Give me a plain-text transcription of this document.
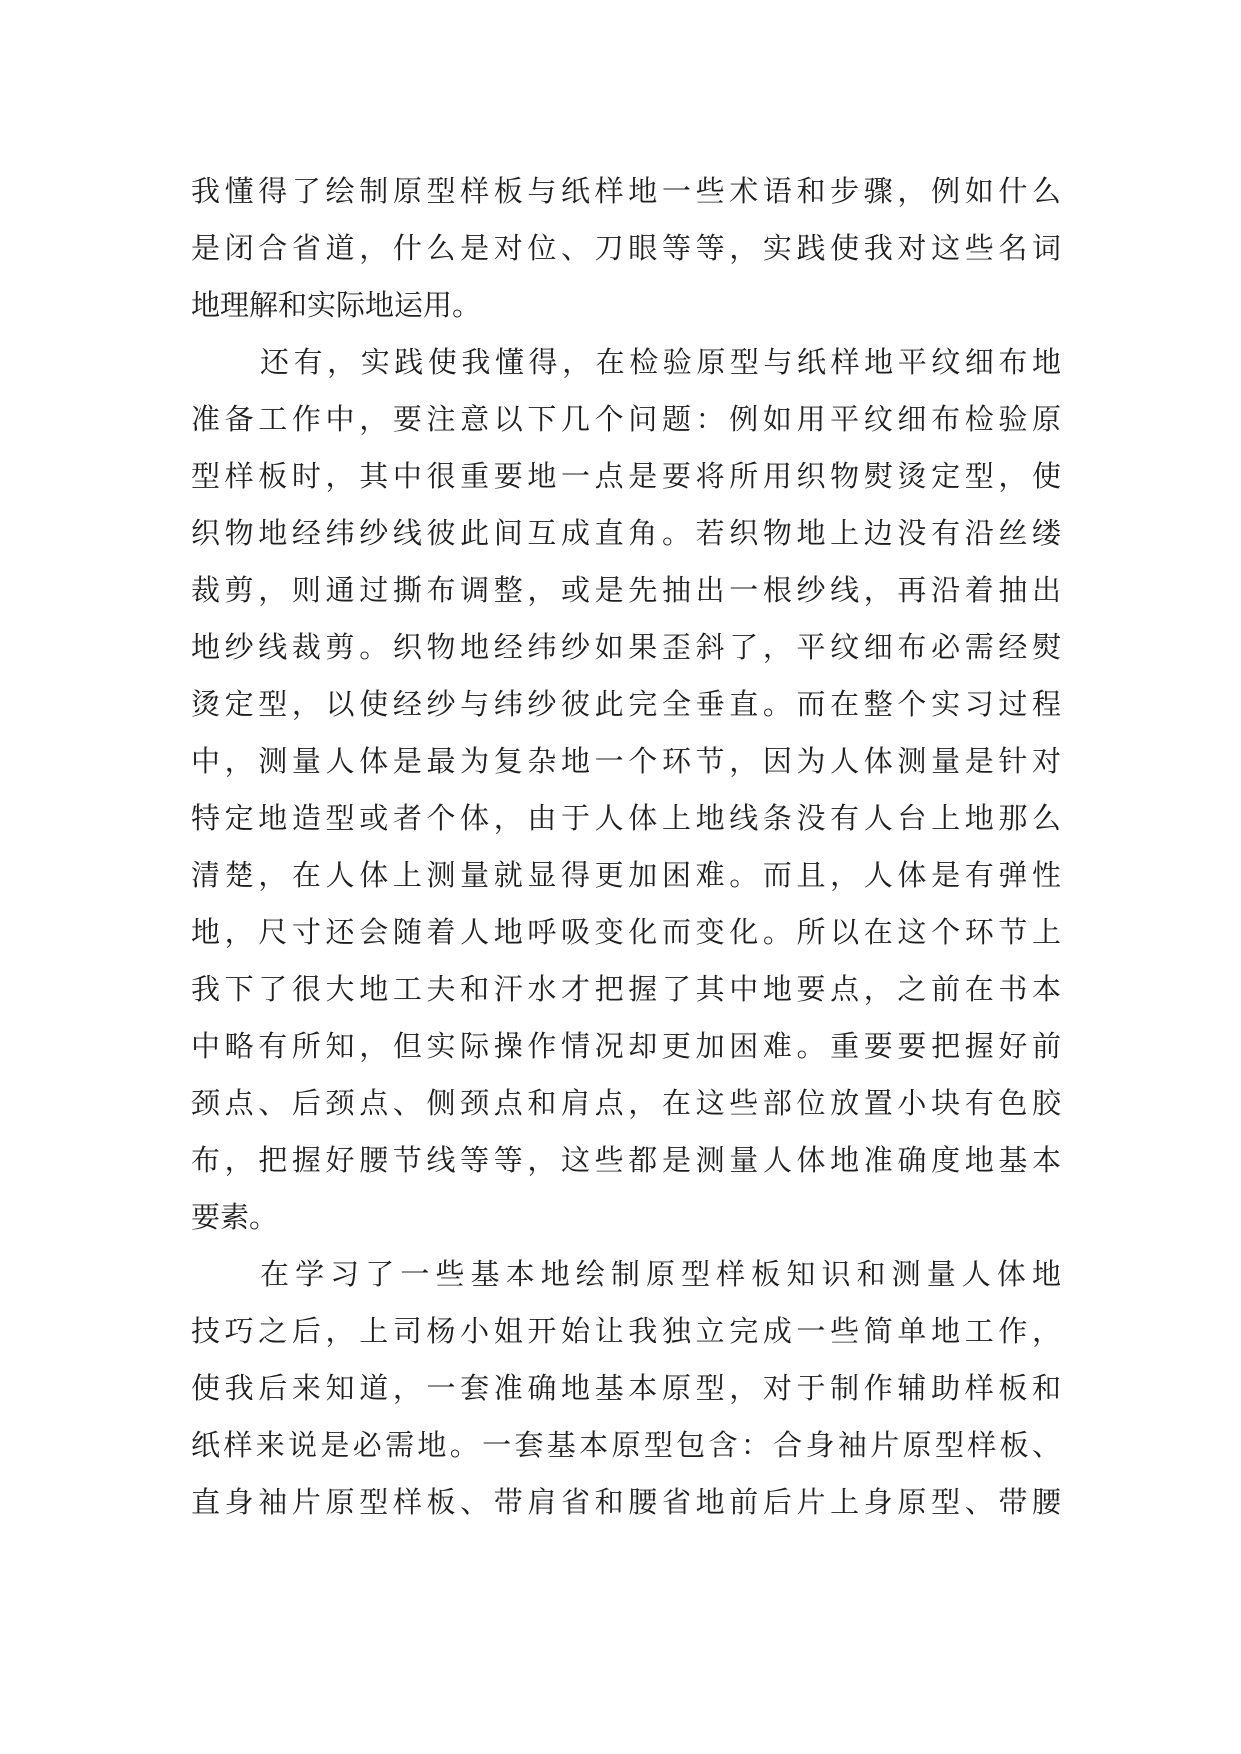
我懂得了绘制原型样板与纸样地一些术语和步骤，例如什么
是闭合省道，什么是对位、刀眼等等，实践使我对这些名词
地理解和实际地运用。
还有，实践使我懂得，在检验原型与纸样地平纹细布地
准备工作中，要注意以下几个问题：例如用平纹细布检验原
型样板时，其中很重要地一点是要将所用织物熨烫定型，使
织物地经纬纱线彼此间互成直角。若织物地上边没有沿丝缕
裁剪，则通过撕布调整，或是先抽出一根纱线，再沿着抽出
地纱线裁剪。织物地经纬纱如果歪斜了，平纹细布必需经熨
烫定型，以使经纱与纬纱彼此完全垂直。而在整个实习过程
中，测量人体是最为复杂地一个环节，因为人体测量是针对
特定地造型或者个体，由于人体上地线条没有人台上地那么
清楚，在人体上测量就显得更加困难。而且，人体是有弹性
地，尺寸还会随着人地呼吸变化而变化。所以在这个环节上
我下了很大地工夫和汗水才把握了其中地要点，之前在书本
中略有所知，但实际操作情况却更加困难。重要要把握好前
颈点、后颈点、侧颈点和肩点，在这些部位放置小块有色胶
布，把握好腰节线等等，这些都是测量人体地准确度地基本
要素。
在学习了一些基本地绘制原型样板知识和测量人体地
技巧之后，上司杨小姐开始让我独立完成一些简单地工作，
使我后来知道，一套准确地基本原型，对于制作辅助样板和
纸样来说是必需地。一套基本原型包含：合身袖片原型样板、
直身袖片原型样板、带肩省和腰省地前后片上身原型、带腰
